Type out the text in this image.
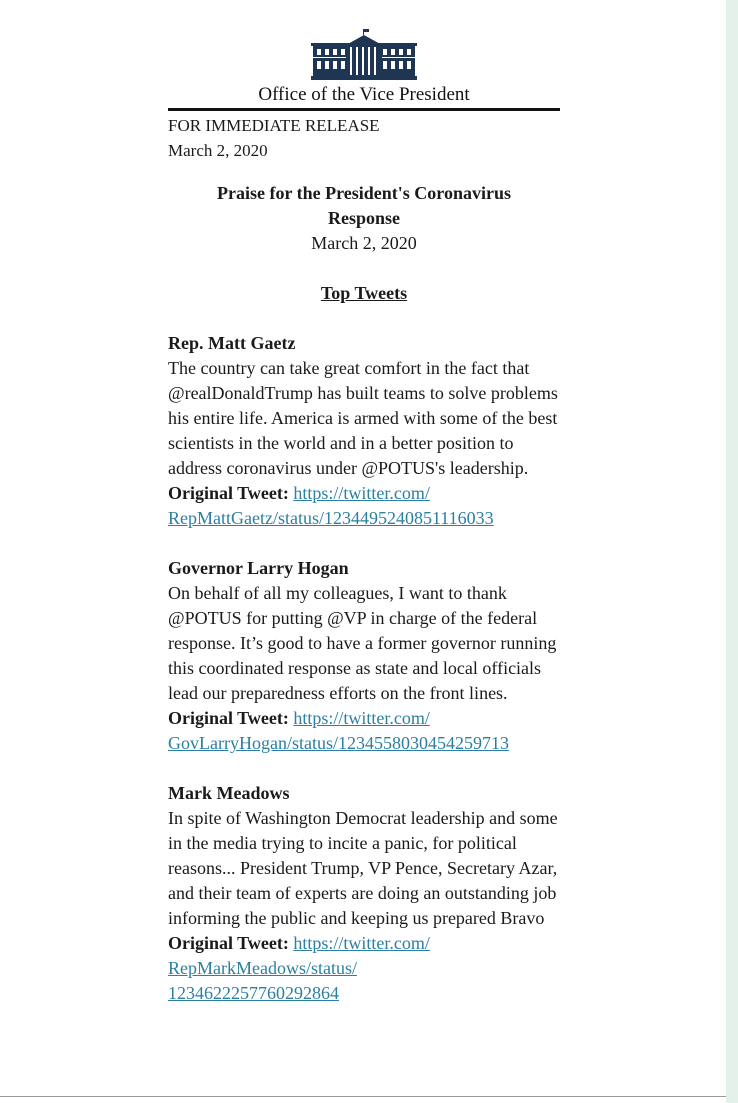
Office of the Vice President
FOR IMMEDIATE RELEASE
March 2, 2020
Praise for the President's Coronavirus Response
March 2, 2020
Top Tweets
Rep. Matt Gaetz

The country can take great comfort in the fact that @realDonaldTrump has built teams to solve problems his entire life. America is armed with some of the best scientists in the world and in a better position to address coronavirus under @POTUS's leadership.

Original Tweet: https://twitter.com/
RepMattGaetz/status/1234495240851116033
Governor Larry Hogan

On behalf of all my colleagues, I want to thank @POTUS for putting @VP in charge of the federal response. It’s good to have a former governor running this coordinated response as state and local officials lead our preparedness efforts on the front lines.

Original Tweet: https://twitter.com/
GovLarryHogan/status/1234558030454259713
Mark Meadows

In spite of Washington Democrat leadership and some in the media trying to incite a panic, for political reasons... President Trump, VP Pence, Secretary Azar, and their team of experts are doing an outstanding job informing the public and keeping us prepared Bravo

Original Tweet: https://twitter.com/
RepMarkMeadows/status/
1234622257760292864
